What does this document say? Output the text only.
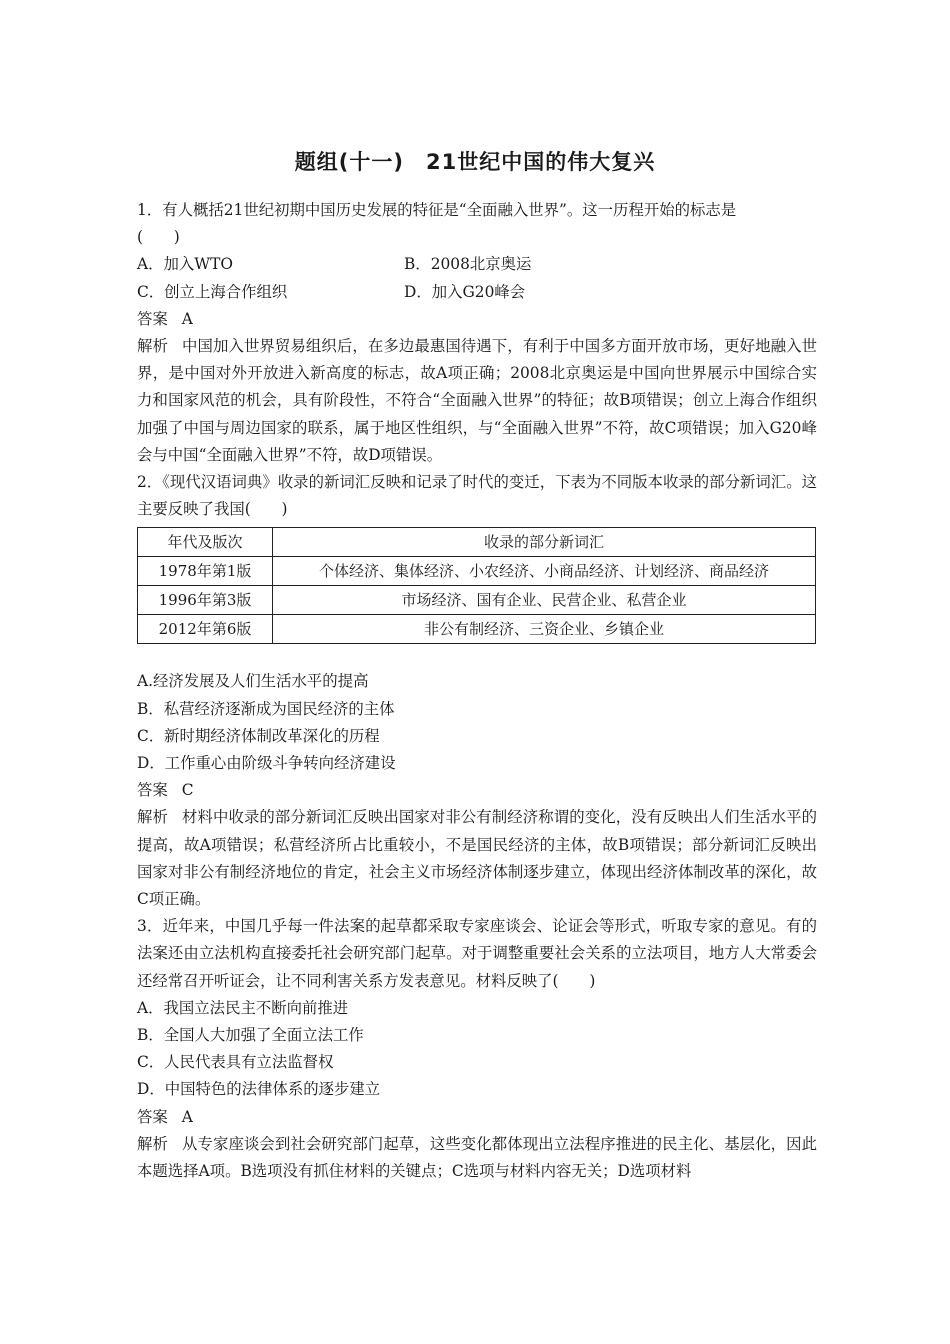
题组(十一)　21世纪中国的伟大复兴

1．有人概括21世纪初期中国历史发展的特征是“全面融入世界”。这一历程开始的标志是

(　　)

A．加入WTO	B．2008北京奥运
C．创立上海合作组织	D．加入G20峰会

答案 A

解析 中国加入世界贸易组织后，在多边最惠国待遇下，有利于中国多方面开放市场，更好地融入世界，是中国对外开放进入新高度的标志，故A项正确；2008北京奥运是中国向世界展示中国综合实力和国家风范的机会，具有阶段性，不符合“全面融入世界”的特征；故B项错误；创立上海合作组织加强了中国与周边国家的联系，属于地区性组织，与“全面融入世界”不符，故C项错误；加入G20峰会与中国“全面融入世界”不符，故D项错误。

2．《现代汉语词典》收录的新词汇反映和记录了时代的变迁，下表为不同版本收录的部分新词汇。这主要反映了我国(　　)

年代及版次	收录的部分新词汇
1978年第1版	个体经济、集体经济、小农经济、小商品经济、计划经济、商品经济
1996年第3版	市场经济、国有企业、民营企业、私营企业
2012年第6版	非公有制经济、三资企业、乡镇企业

A.经济发展及人们生活水平的提高

B．私营经济逐渐成为国民经济的主体

C．新时期经济体制改革深化的历程

D．工作重心由阶级斗争转向经济建设

答案 C

解析 材料中收录的部分新词汇反映出国家对非公有制经济称谓的变化，没有反映出人们生活水平的提高，故A项错误；私营经济所占比重较小，不是国民经济的主体，故B项错误；部分新词汇反映出国家对非公有制经济地位的肯定，社会主义市场经济体制逐步建立，体现出经济体制改革的深化，故C项正确。

3．近年来，中国几乎每一件法案的起草都采取专家座谈会、论证会等形式，听取专家的意见。有的法案还由立法机构直接委托社会研究部门起草。对于调整重要社会关系的立法项目，地方人大常委会还经常召开听证会，让不同利害关系方发表意见。材料反映了(　　)

A．我国立法民主不断向前推进

B．全国人大加强了全面立法工作

C．人民代表具有立法监督权

D．中国特色的法律体系的逐步建立

答案 A

解析 从专家座谈会到社会研究部门起草，这些变化都体现出立法程序推进的民主化、基层化，因此本题选择A项。B选项没有抓住材料的关键点；C选项与材料内容无关；D选项材料
